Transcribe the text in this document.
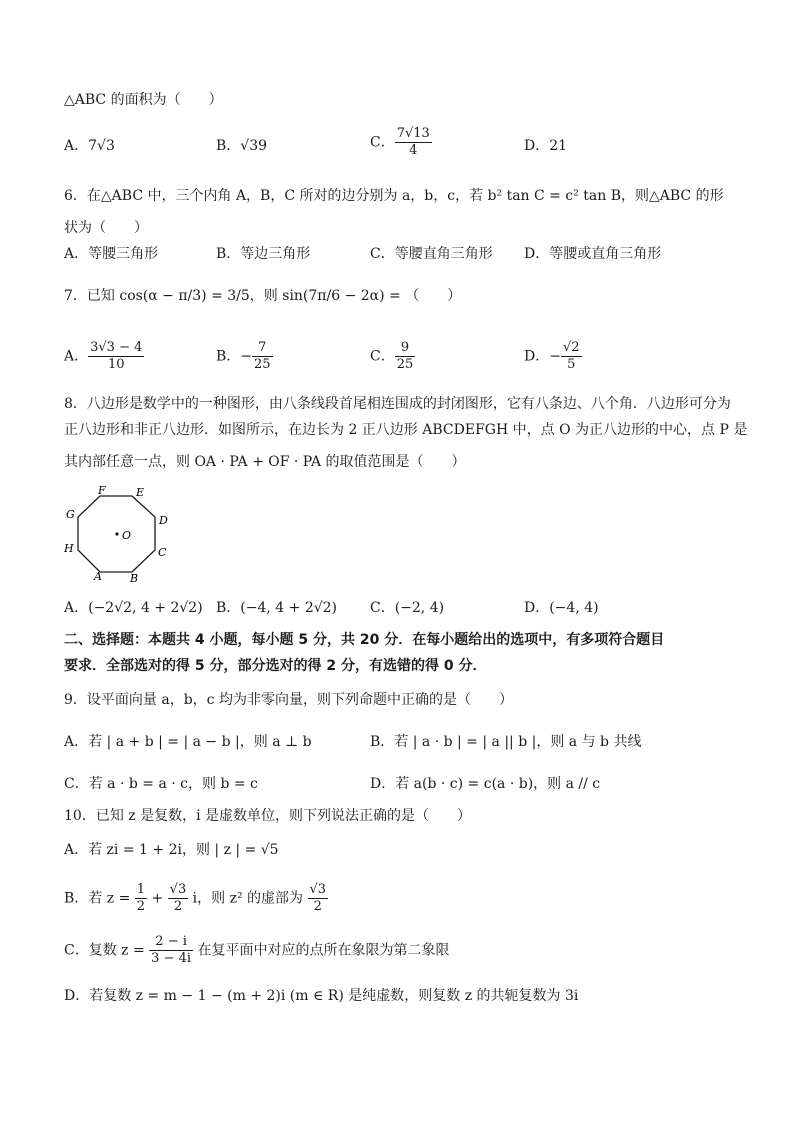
△ABC 的面积为（　　）
A．7√3	B．√39	C． $\frac{7√13}{4}$	D．21
6．在△ABC 中，三个内角 A，B，C 所对的边分别为 a，b，c，若 b² tan C = c² tan B，则△ABC 的形
状为（　　）
A．等腰三角形	B．等边三角形	C．等腰直角三角形 D．等腰或直角三角形
7．已知 cos(α − π/3) = 3/5，则 sin(7π/6 − 2α) = （　　）
A． $\frac{3√3 - 4}{10}$	B．− $\frac{7}{25}$	C． $\frac{9}{25}$	D．− $\frac{√2}{5}$
8．八边形是数学中的一种图形，由八条线段首尾相连围成的封闭图形，它有八条边、八个角．八边形可分为
正八边形和非正八边形．如图所示，在边长为 2 正八边形 ABCDEFGH 中，点 O 为正八边形的中心，点 P 是
其内部任意一点，则 OA · PA + OF · PA 的取值范围是（　　）
O
A	B
C
D
E
F
G
H
A．(−2√2, 4 + 2√2) B．(−4, 4 + 2√2) C．(−2, 4)	D．(−4, 4)
二、选择题：本题共 4 小题，每小题 5 分，共 20 分．在每小题给出的选项中，有多项符合题目
要求．全部选对的得 5 分，部分选对的得 2 分，有选错的得 0 分．
9．设平面向量 a，b，c 均为非零向量，则下列命题中正确的是（　　）
A．若 | a + b | = | a − b |，则 a ⊥ b	B．若 | a · b | = | a || b |，则 a 与 b 共线
C．若 a · b = a · c，则 b = c	D．若 a(b · c) = c(a · b)，则 a // c
10．已知 z 是复数，i 是虚数单位，则下列说法正确的是（　　）
A．若 zi = 1 + 2i，则 | z | = √5
B．若 $z = \frac{1}{2} + \frac{√3}{2}$ i，则 z² 的虚部为 $\frac{√3}{2}$
C．复数 $z = \frac{2 - i}{3 - 4i}$ 在复平面中对应的点所在象限为第二象限
D．若复数 z = m − 1 − (m + 2)i (m ∈ R) 是纯虚数，则复数 z 的共轭复数为 3i
